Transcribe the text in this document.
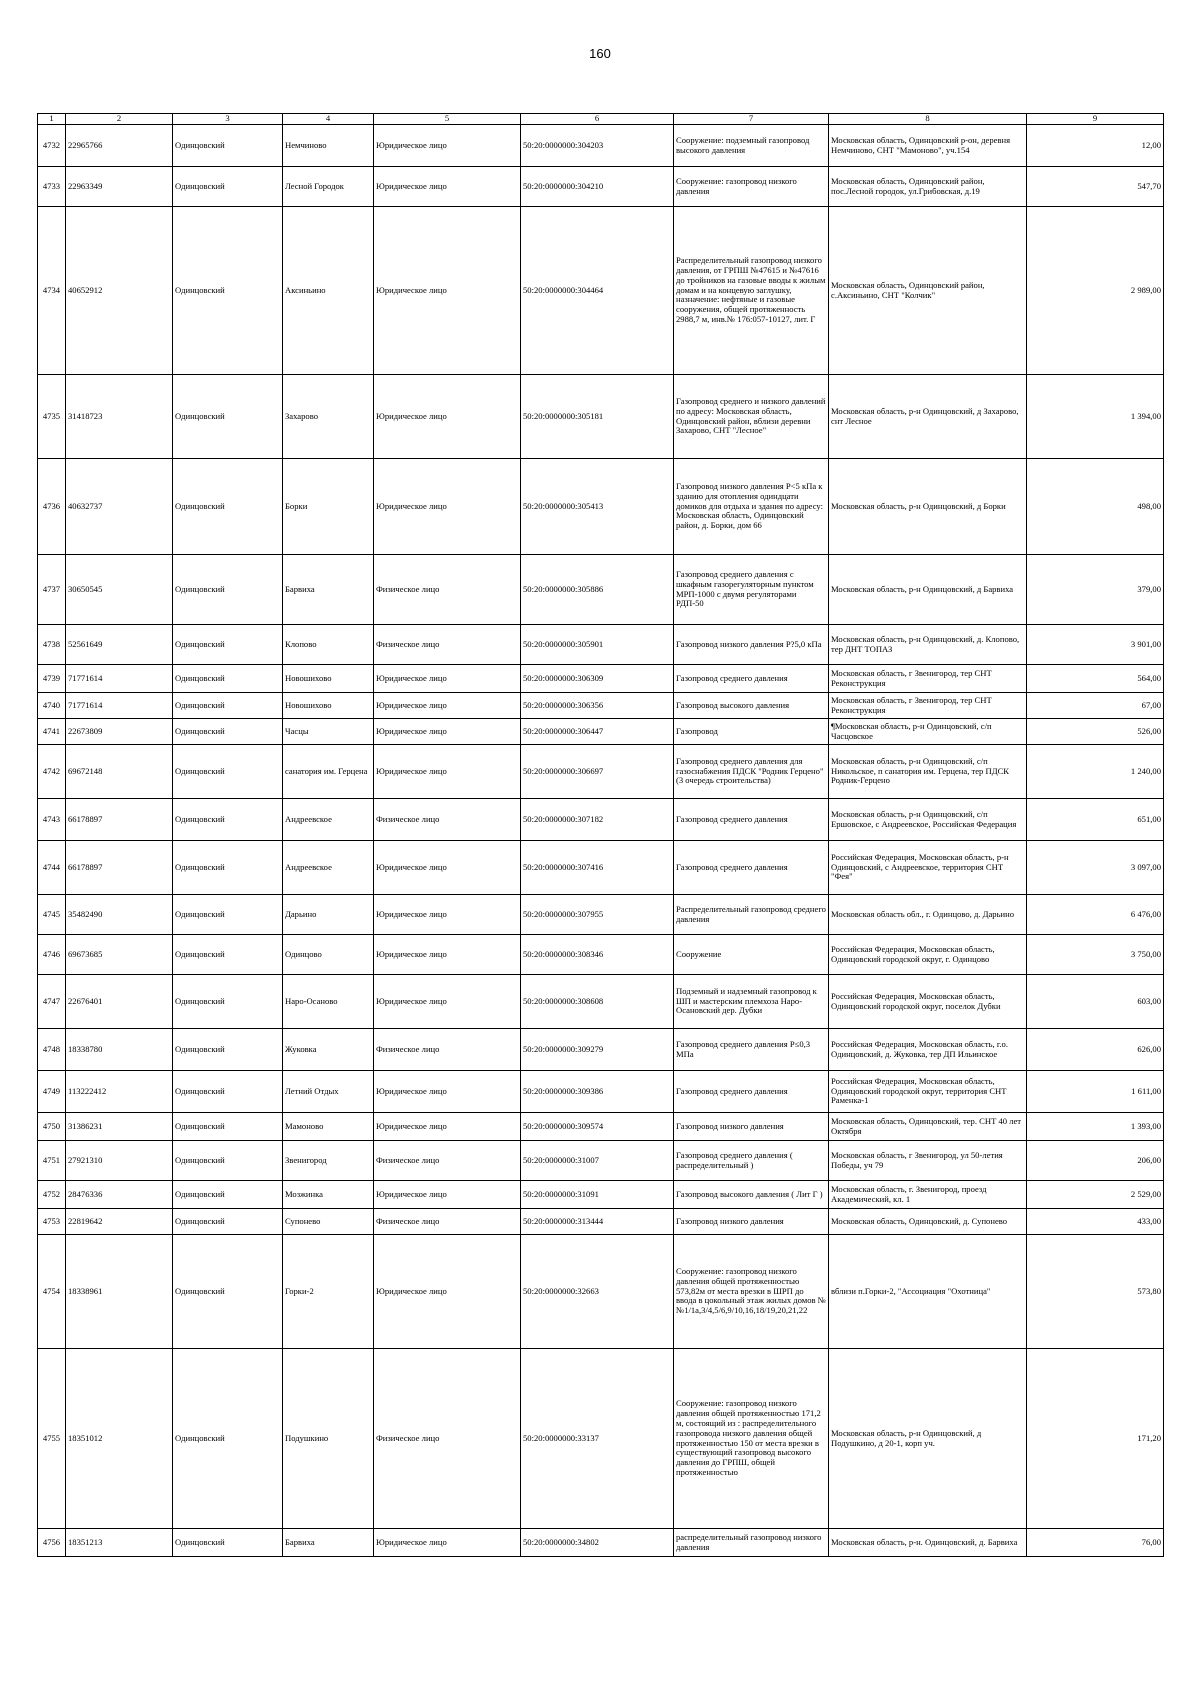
160
1	2	3	4	5	6	7	8	9
4732	22965766	Одинцовский	Немчиново	Юридическое лицо	50:20:0000000:304203	Сооружение: подземный газопровод высокого давления	Московская область, Одинцовский р-он, деревня Немчиново, СНТ "Мамоново", уч.154	12,00
4733	22963349	Одинцовский	Лесной Городок	Юридическое лицо	50:20:0000000:304210	Сооружение: газопровод низкого давления	Московская область, Одинцовский район, пос.Лесной городок, ул.Грибовская, д.19	547,70
4734	40652912	Одинцовский	Аксиньино	Юридическое лицо	50:20:0000000:304464	Распределительный газопровод низкого давления, от ГРПШ №47615 и №47616 до тройников на газовые вводы к жилым домам и на концевую заглушку, назначение: нефтяные и газовые сооружения, общей протяженность 2988,7 м, инв.№ 176:057-10127, лит. Г	Московская область, Одинцовский район, с.Аксиньино, СНТ "Колчик"	2 989,00
4735	31418723	Одинцовский	Захарово	Юридическое лицо	50:20:0000000:305181	Газопровод среднего и низкого давлений по адресу: Московская область, Одинцовский район, вблизи деревни Захарово, СНТ "Лесное"	Московская область, р-н Одинцовский, д Захарово, снт Лесное	1 394,00
4736	40632737	Одинцовский	Борки	Юридическое лицо	50:20:0000000:305413	Газопровод низкого давления Р<5 кПа к зданию для отопления одиндцати домиков для отдыха и здания по адресу: Московская область, Одинцовский район, д. Борки, дом 66	Московская область, р-н Одинцовский, д Борки	498,00
4737	30650545	Одинцовский	Барвиха	Физическое лицо	50:20:0000000:305886	Газопровод среднего давления с шкафным газорегуляторным пунктом МРП-1000 с двумя регуляторами РДП-50	Московская область, р-н Одинцовский, д Барвиха	379,00
4738	52561649	Одинцовский	Клопово	Физическое лицо	50:20:0000000:305901	Газопровод низкого давления Р?5,0 кПа	Московская область, р-н Одинцовский, д. Клопово, тер ДНТ ТОПАЗ	3 901,00
4739	71771614	Одинцовский	Новошихово	Юридическое лицо	50:20:0000000:306309	Газопровод среднего давления	Московская область, г Звенигород, тер СНТ Реконструкция	564,00
4740	71771614	Одинцовский	Новошихово	Юридическое лицо	50:20:0000000:306356	Газопровод высокого давления	Московская область, г Звенигород, тер СНТ Реконструкция	67,00
4741	22673809	Одинцовский	Часцы	Юридическое лицо	50:20:0000000:306447	Газопровод	¶Московская область, р-н Одинцовский, с/п Часцовское	526,00
4742	69672148	Одинцовский	санатория им. Герцена	Юридическое лицо	50:20:0000000:306697	Газопровод среднего давления для газоснабжения ПДСК "Родник Герцено" (3 очередь строительства)	Московская область, р-н Одинцовский, с/п Никольское, п санатория им. Герцена, тер ПДСК Родник-Герцено	1 240,00
4743	66178897	Одинцовский	Андреевское	Физическое лицо	50:20:0000000:307182	Газопровод среднего давления	Московская область, р-н Одинцовский, с/п Ершовское, с Андреевское, Российская Федерация	651,00
4744	66178897	Одинцовский	Андреевское	Юридическое лицо	50:20:0000000:307416	Газопровод среднего давления	Российская Федерация, Московская область, р-н Одинцовский, с Андреевское, территория СНТ "Фея"	3 097,00
4745	35482490	Одинцовский	Дарьино	Юридическое лицо	50:20:0000000:307955	Распределительный газопровод среднего давления	Московская область обл., г. Одинцово, д. Дарьино	6 476,00
4746	69673685	Одинцовский	Одинцово	Юридическое лицо	50:20:0000000:308346	Сооружение	Российская Федерация, Московская область, Одинцовский городской округ, г. Одинцово	3 750,00
4747	22676401	Одинцовский	Наро-Осаново	Юридическое лицо	50:20:0000000:308608	Подземный и надземный газопровод к ШП и мастерским племхоза Наро-Осановский дер. Дубки	Российская Федерация, Московская область, Одинцовский городской округ, поселок Дубки	603,00
4748	18338780	Одинцовский	Жуковка	Физическое лицо	50:20:0000000:309279	Газопровод среднего давления Р≤0,3 МПа	Российская Федерация, Московская область, г.о. Одинцовский, д. Жуковка, тер ДП Ильинское	626,00
4749	113222412	Одинцовский	Летний Отдых	Юридическое лицо	50:20:0000000:309386	Газопровод среднего давления	Российская Федерация, Московская область, Одинцовский городской округ, территория СНТ Раменка-1	1 611,00
4750	31386231	Одинцовский	Мамоново	Юридическое лицо	50:20:0000000:309574	Газопровод низкого давления	Московская область, Одинцовский, тер. СНТ 40 лет Октября	1 393,00
4751	27921310	Одинцовский	Звенигород	Физическое лицо	50:20:0000000:31007	Газопровод среднего давления ( распределительный )	Московская область, г Звенигород, ул 50-летия Победы, уч 79	206,00
4752	28476336	Одинцовский	Мозжинка	Юридическое лицо	50:20:0000000:31091	Газопровод высокого давления ( Лит Г )	Московская область, г. Звенигород, проезд Академический, кл. 1	2 529,00
4753	22819642	Одинцовский	Супонево	Физическое лицо	50:20:0000000:313444	Газопровод низкого давления	Московская область, Одинцовский, д. Супонево	433,00
4754	18338961	Одинцовский	Горки-2	Юридическое лицо	50:20:0000000:32663	Сооружение: газопровод низкого давления общей протяженностью 573,82м от места врезки в ШРП до ввода в цокольный этаж жилых домов №№1/1а,3/4,5/6,9/10,16,18/19,20,21,22	вблизи п.Горки-2, "Ассоциация "Охотница"	573,80
4755	18351012	Одинцовский	Подушкино	Физическое лицо	50:20:0000000:33137	Сооружение: газопровод низкого давления общей протяженностью 171,2 м, состоящий из : распределительного газопровода низкого давления общей протяженностью 150 от места врезки в существующий газопровод высокого давления до ГРПШ, общей протяженностью	Московская область, р-н Одинцовский, д Подушкино, д 20-1, корп уч.	171,20
4756	18351213	Одинцовский	Барвиха	Юридическое лицо	50:20:0000000:34802	распределительный газопровод низкого давления	Московская область, р-н. Одинцовский, д. Барвиха	76,00
